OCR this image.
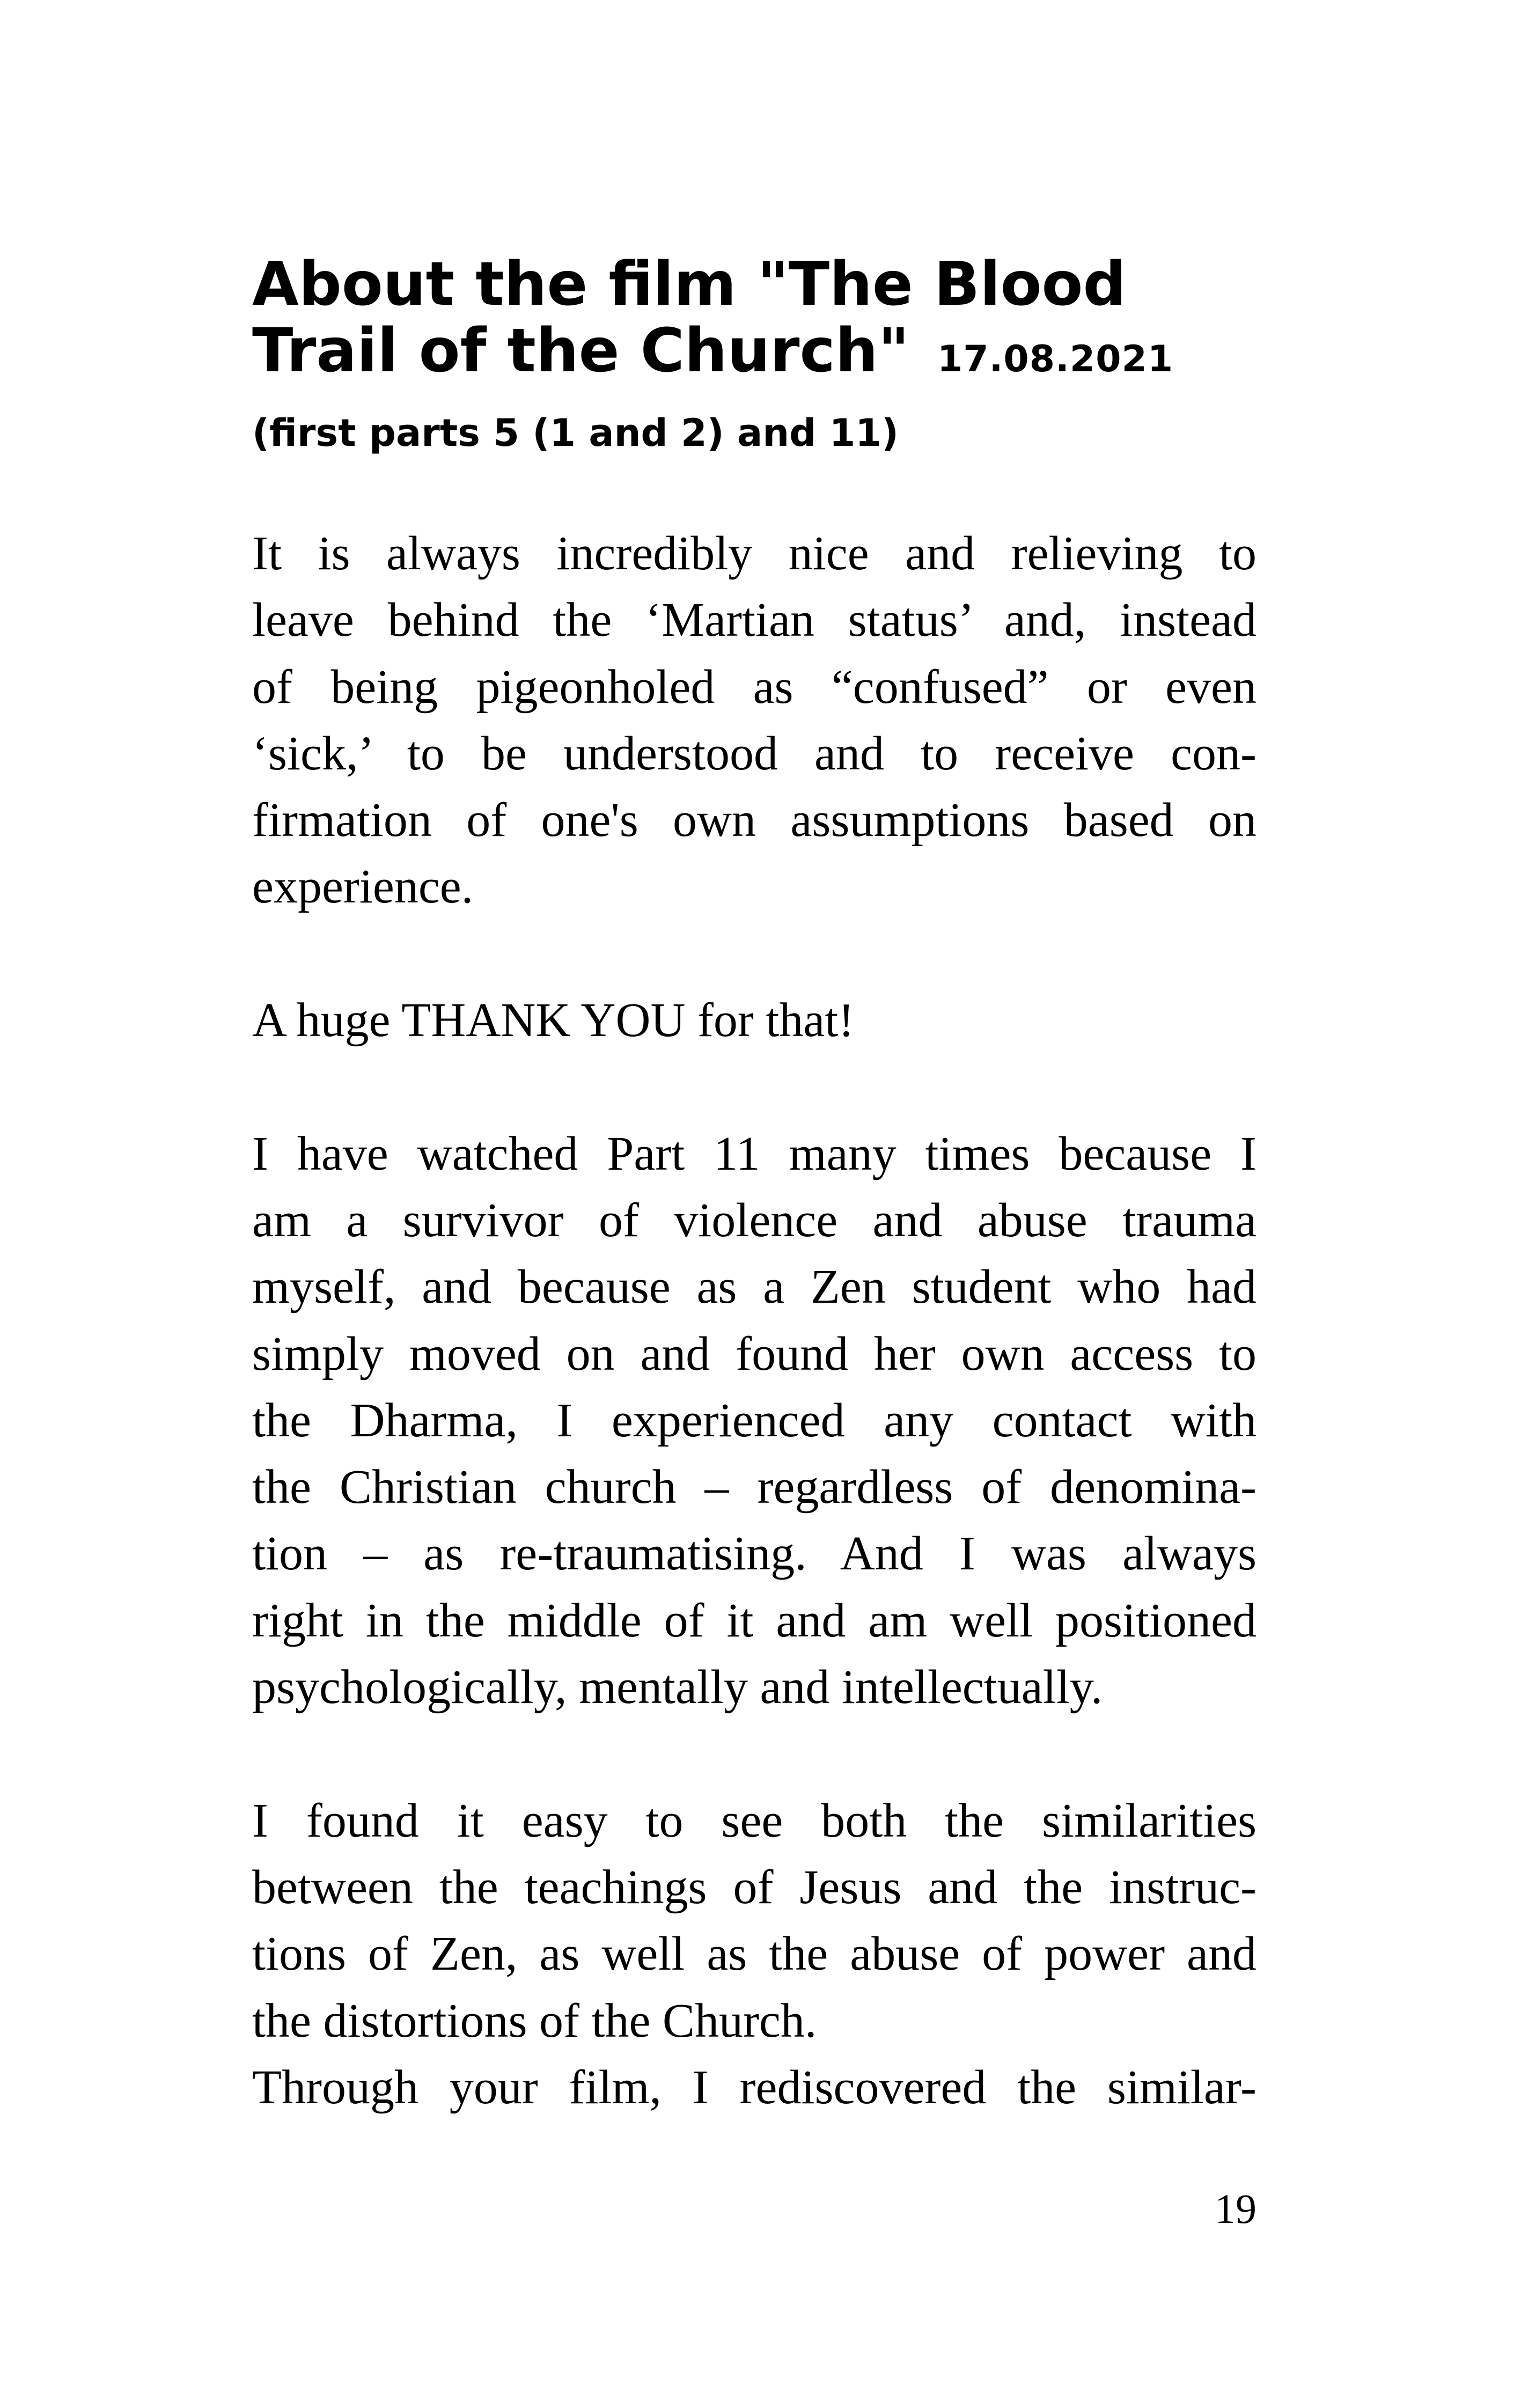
About the film "The Blood
Trail of the Church" 17.08.2021
(first parts 5 (1 and 2) and 11)
It is always incredibly nice and relieving to
leave behind the ‘Martian status’ and, instead
of being pigeonholed as “confused” or even
‘sick,’ to be understood and to receive con-
firmation of one's own assumptions based on
experience.
A huge THANK YOU for that!
I have watched Part 11 many times because I
am a survivor of violence and abuse trauma
myself, and because as a Zen student who had
simply moved on and found her own access to
the Dharma, I experienced any contact with
the Christian church – regardless of denomina-
tion – as re-traumatising. And I was always
right in the middle of it and am well positioned
psychologically, mentally and intellectually.
I found it easy to see both the similarities
between the teachings of Jesus and the instruc-
tions of Zen, as well as the abuse of power and
the distortions of the Church.
Through your film, I rediscovered the similar-
19
